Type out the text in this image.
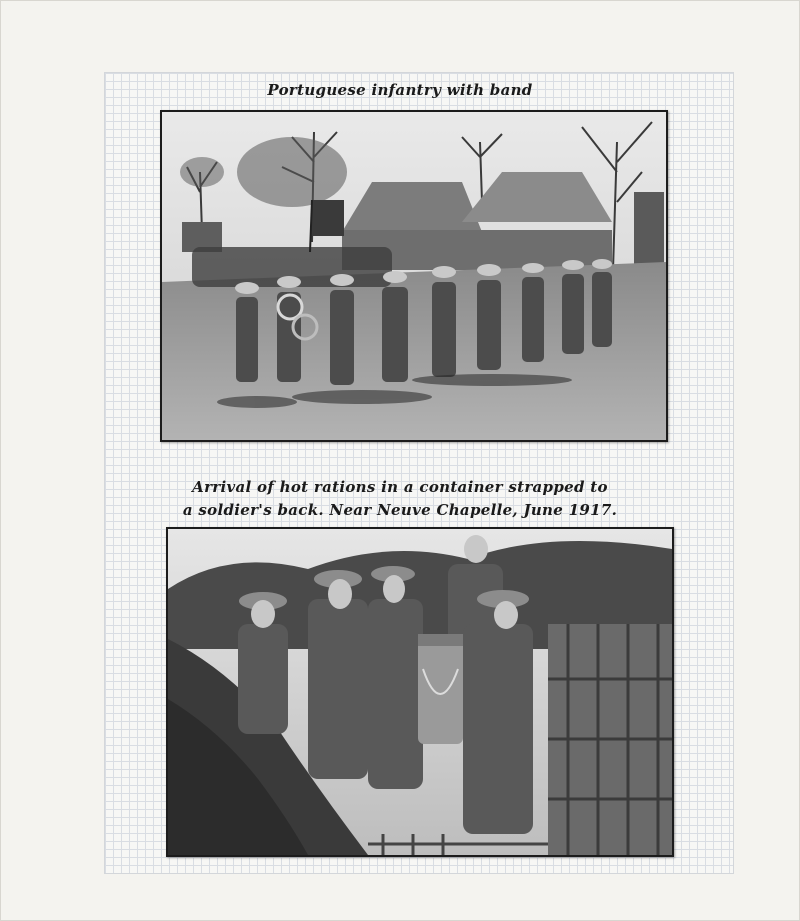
Portuguese infantry with band
Arrival of hot rations in a container strapped to
a soldier's back. Near Neuve Chapelle, June 1917.
